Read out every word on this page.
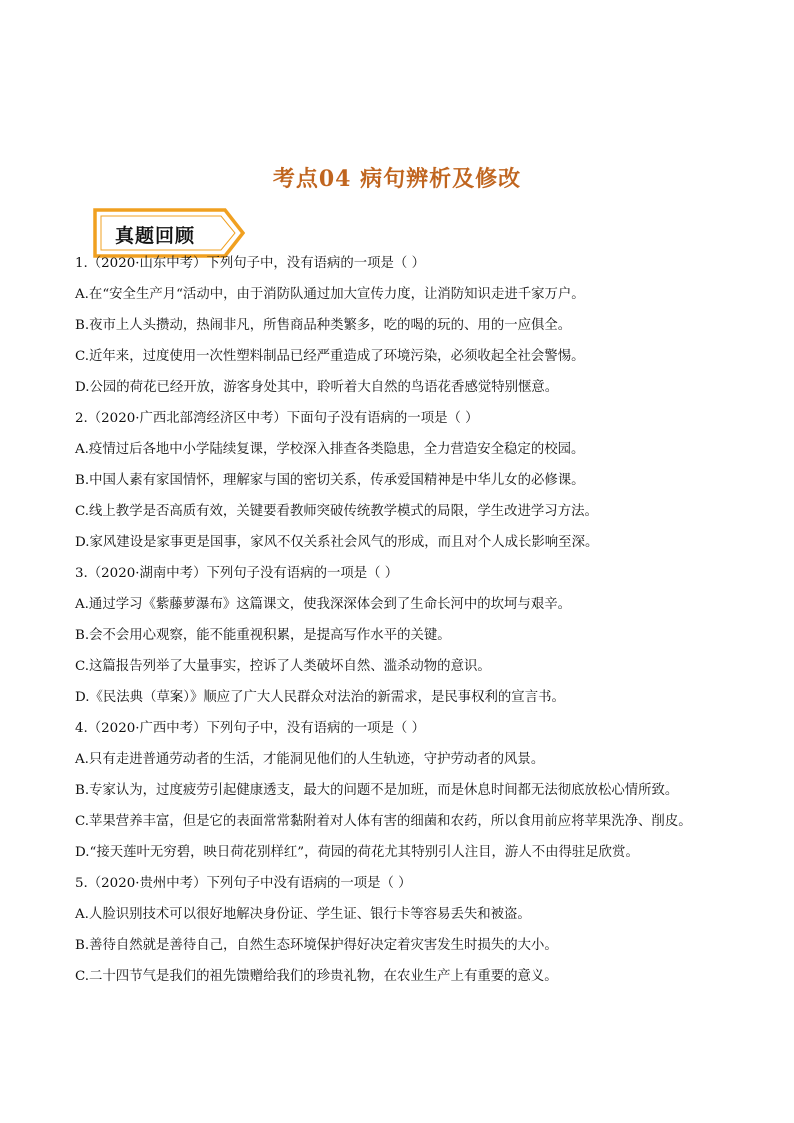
考点04 病句辨析及修改
真题回顾
1.（2020·山东中考）下列句子中，没有语病的一项是（ ）
A.在“安全生产月“活动中，由于消防队通过加大宣传力度，让消防知识走进千家万户。
B.夜市上人头攒动，热闹非凡，所售商品种类繁多，吃的喝的玩的、用的一应俱全。
C.近年来，过度使用一次性塑料制品已经严重造成了环境污染，必须收起全社会警惕。
D.公园的荷花已经开放，游客身处其中，聆听着大自然的鸟语花香感觉特别惬意。
2.（2020·广西北部湾经济区中考）下面句子没有语病的一项是（ ）
A.疫情过后各地中小学陆续复课，学校深入排查各类隐患，全力营造安全稳定的校园。
B.中国人素有家国情怀，理解家与国的密切关系，传承爱国精神是中华儿女的必修课。
C.线上教学是否高质有效，关键要看教师突破传统教学模式的局限，学生改进学习方法。
D.家风建设是家事更是国事，家风不仅关系社会风气的形成，而且对个人成长影响至深。
3.（2020·湖南中考）下列句子没有语病的一项是（ ）
A.通过学习《紫藤萝瀑布》这篇课文，使我深深体会到了生命长河中的坎坷与艰辛。
B.会不会用心观察，能不能重视积累，是提高写作水平的关键。
C.这篇报告列举了大量事实，控诉了人类破坏自然、滥杀动物的意识。
D.《民法典（草案）》顺应了广大人民群众对法治的新需求，是民事权利的宣言书。
4.（2020·广西中考）下列句子中，没有语病的一项是（ ）
A.只有走进普通劳动者的生活，才能洞见他们的人生轨迹，守护劳动者的风景。
B.专家认为，过度疲劳引起健康透支，最大的问题不是加班，而是休息时间都无法彻底放松心情所致。
C.苹果营养丰富，但是它的表面常常黏附着对人体有害的细菌和农药，所以食用前应将苹果洗净、削皮。
D.“接天莲叶无穷碧，映日荷花别样红”，荷园的荷花尤其特别引人注目，游人不由得驻足欣赏。
5.（2020·贵州中考）下列句子中没有语病的一项是（ ）
A.人脸识别技术可以很好地解决身份证、学生证、银行卡等容易丢失和被盗。
B.善待自然就是善待自己，自然生态环境保护得好决定着灾害发生时损失的大小。
C.二十四节气是我们的祖先馈赠给我们的珍贵礼物，在农业生产上有重要的意义。
